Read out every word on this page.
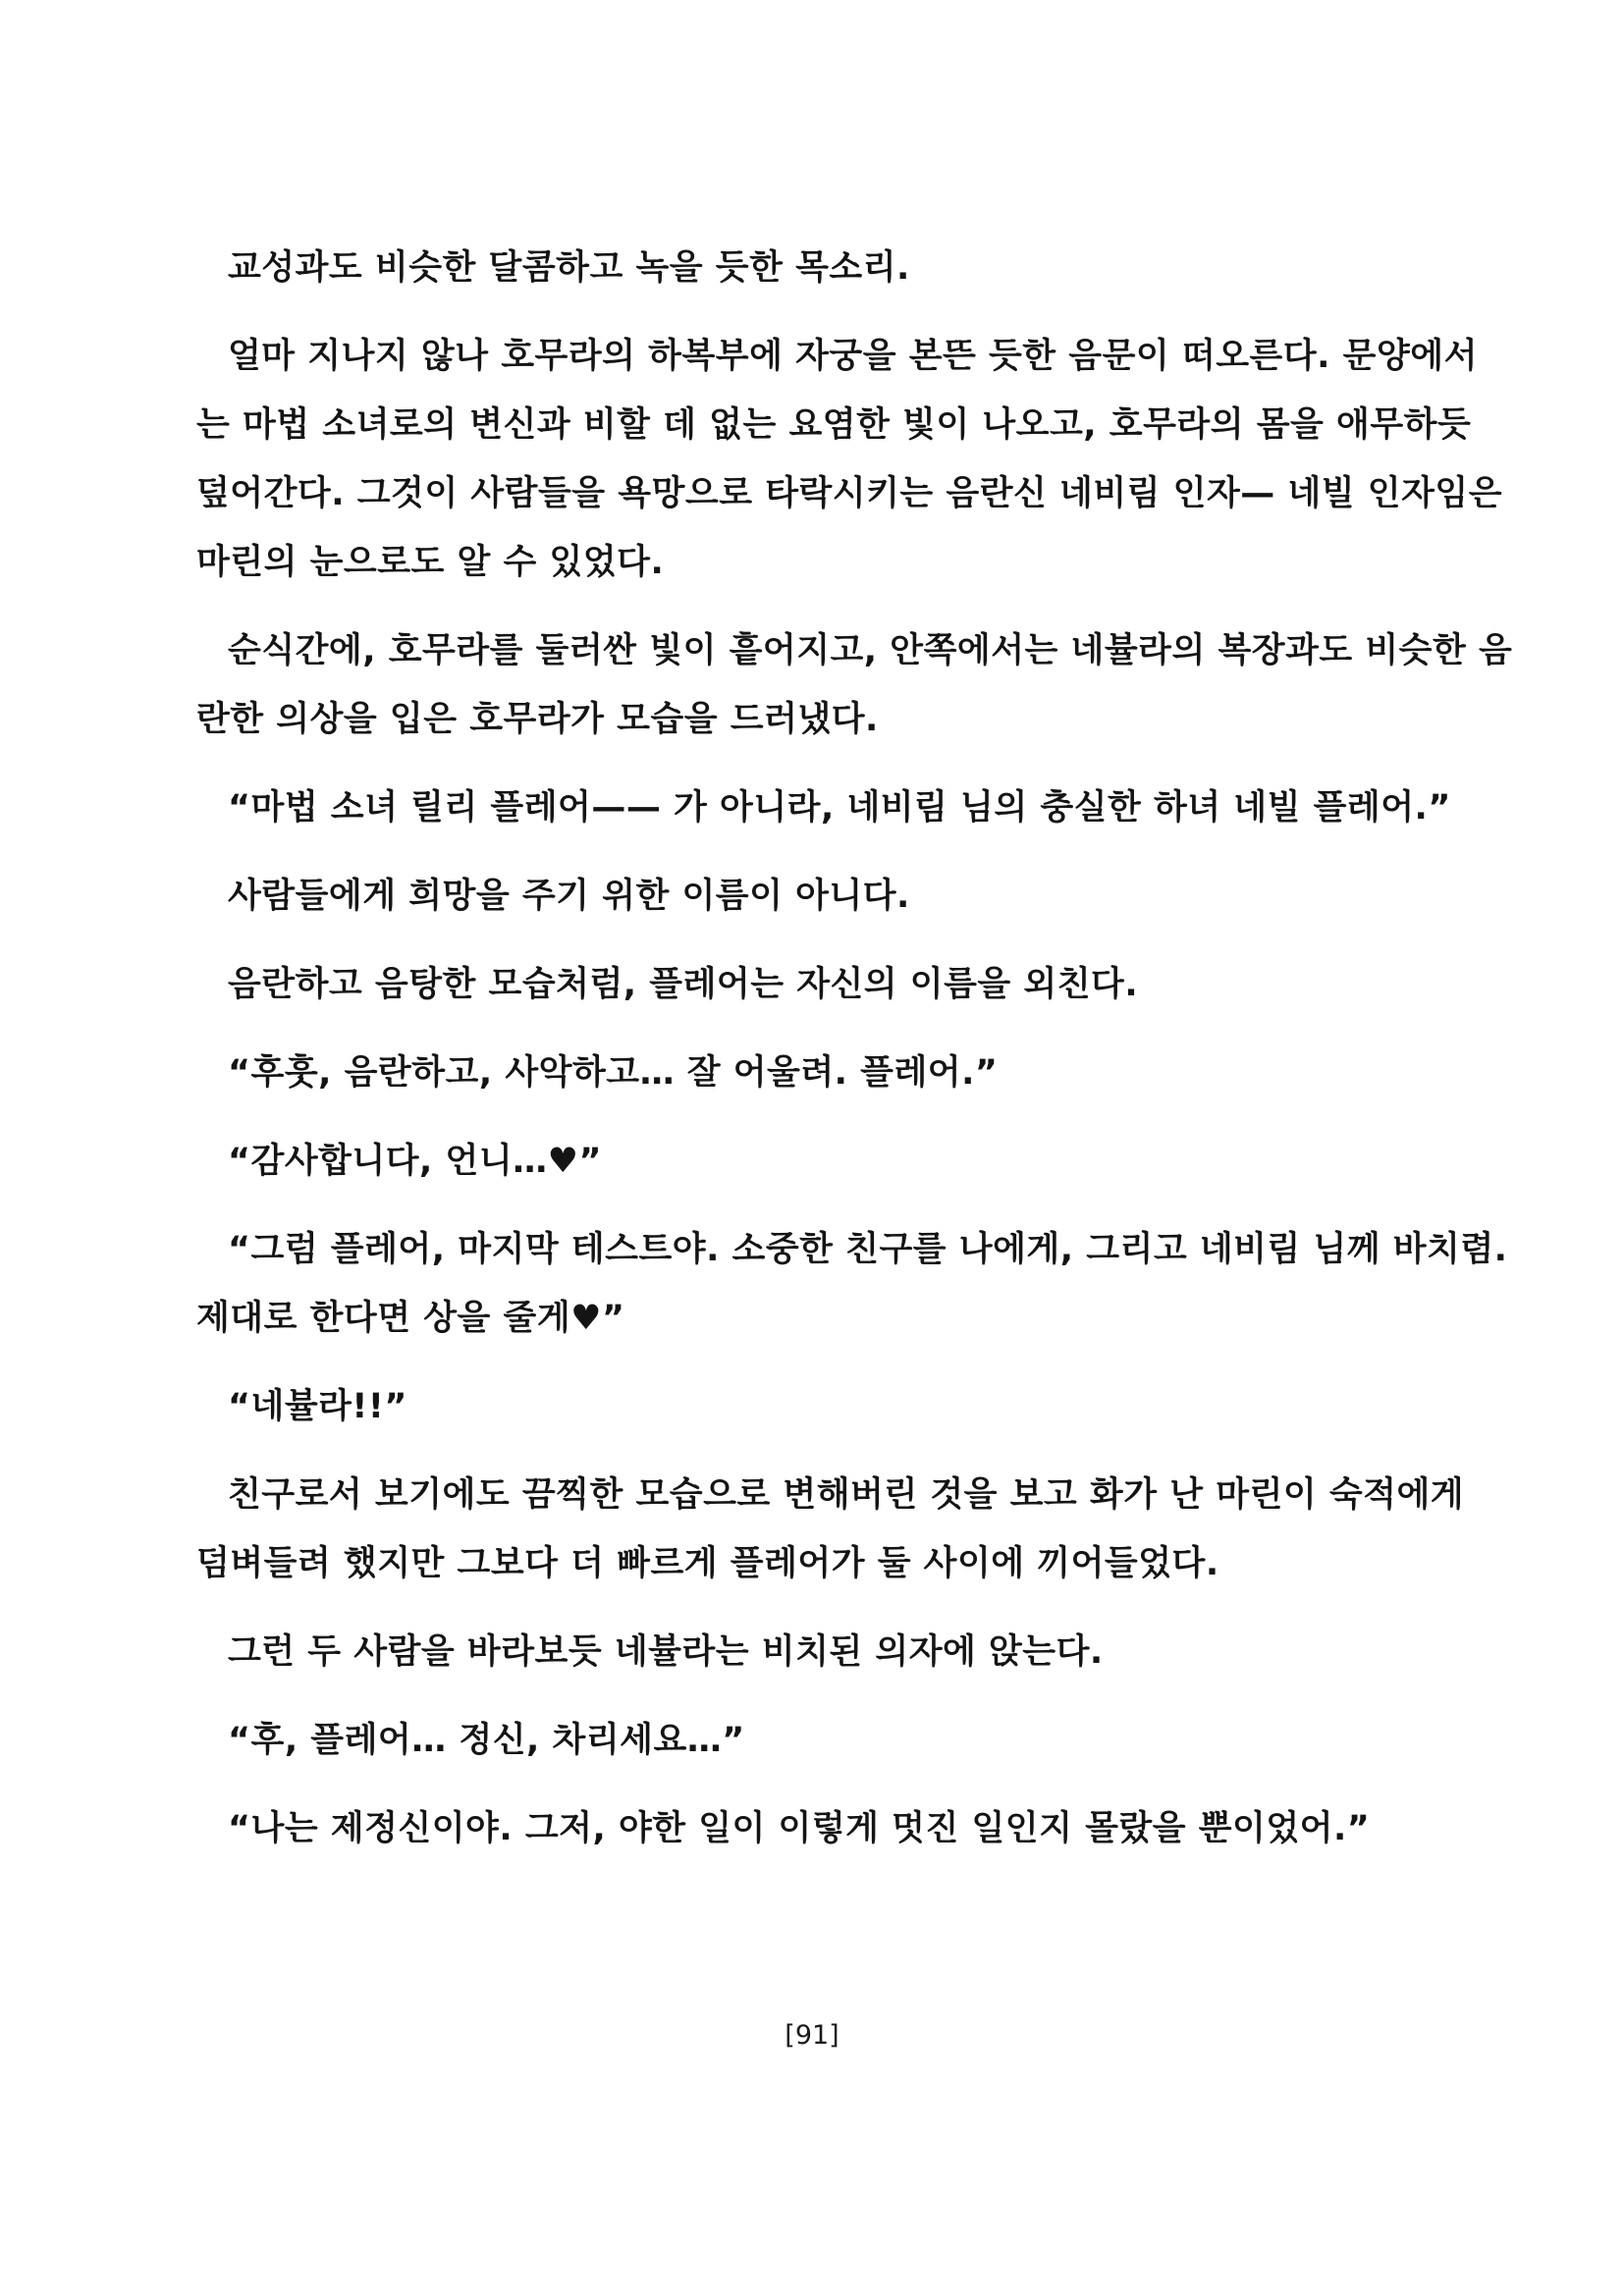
교성과도 비슷한 달콤하고 녹을 듯한 목소리.

얼마 지나지 않나 호무라의 하복부에 자궁을 본뜬 듯한 음문이 떠오른다. 문양에서

는 마법 소녀로의 변신과 비할 데 없는 요염한 빛이 나오고, 호무라의 몸을 애무하듯

덮어간다. 그것이 사람들을 욕망으로 타락시키는 음란신 네비림 인자— 네빌 인자임은

마린의 눈으로도 알 수 있었다.

순식간에, 호무라를 둘러싼 빛이 흩어지고, 안쪽에서는 네뷸라의 복장과도 비슷한 음

란한 의상을 입은 호무라가 모습을 드러냈다.

“마법 소녀 릴리 플레어—— 가 아니라, 네비림 님의 충실한 하녀 네빌 플레어.”

사람들에게 희망을 주기 위한 이름이 아니다.

음란하고 음탕한 모습처럼, 플레어는 자신의 이름을 외친다.

“후훗, 음란하고, 사악하고… 잘 어울려. 플레어.”

“감사합니다, 언니…♥”

“그럼 플레어, 마지막 테스트야. 소중한 친구를 나에게, 그리고 네비림 님께 바치렴.

제대로 한다면 상을 줄게♥”

“네뷸라!!”

친구로서 보기에도 끔찍한 모습으로 변해버린 것을 보고 화가 난 마린이 숙적에게

덤벼들려 했지만 그보다 더 빠르게 플레어가 둘 사이에 끼어들었다.

그런 두 사람을 바라보듯 네뷸라는 비치된 의자에 앉는다.

“후, 플레어… 정신, 차리세요…”

“나는 제정신이야. 그저, 야한 일이 이렇게 멋진 일인지 몰랐을 뿐이었어.”

[91]
